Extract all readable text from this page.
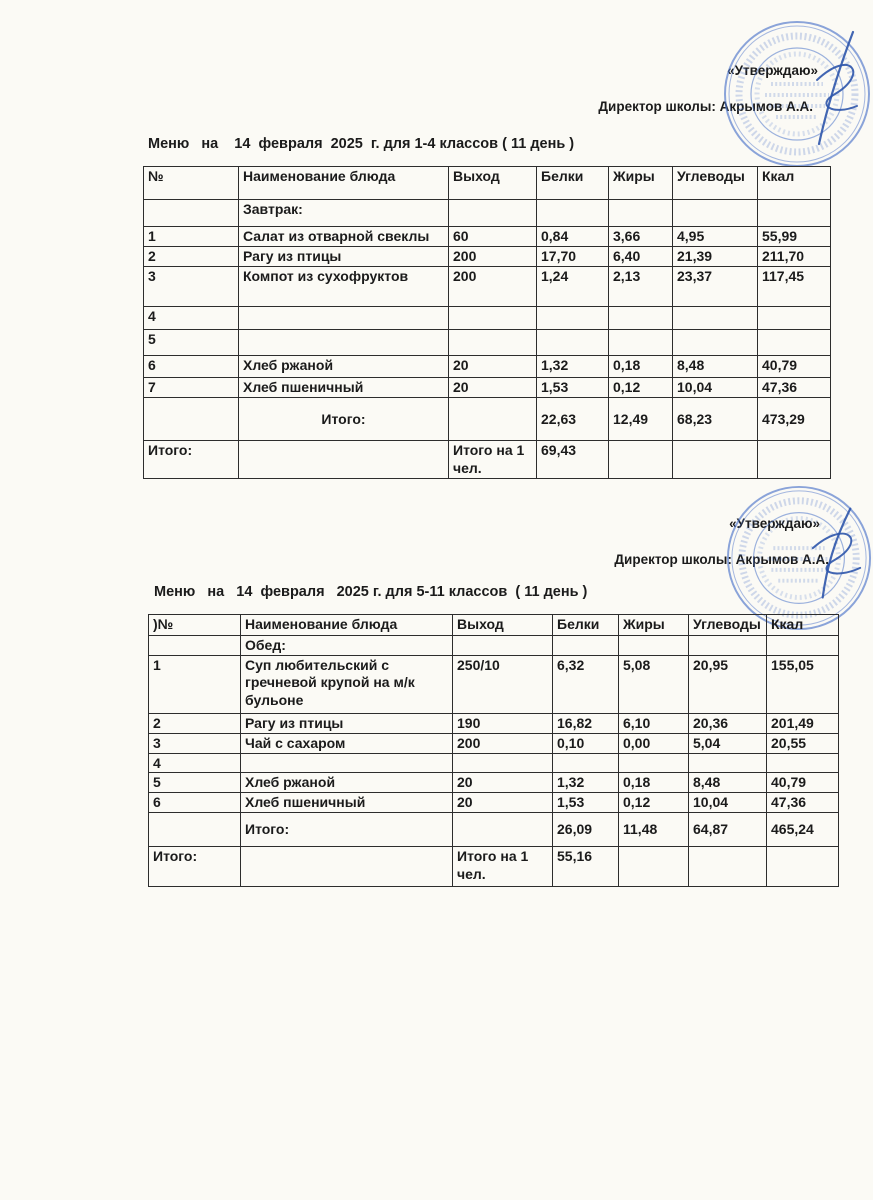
«Утверждаю»
Директор школы: Акрымов А.А.
Меню   на    14  февраля  2025  г. для 1-4 классов ( 11 день )
№	Наименование блюда	Выход	Белки	Жиры	Углеводы	Ккал
	Завтрак:					
1	Салат из отварной свеклы	60	0,84	3,66	4,95	55,99
2	Рагу из птицы	200	17,70	6,40	21,39	211,70
3	Компот из сухофруктов	200	1,24	2,13	23,37	117,45
4						
5						
6	Хлеб ржаной	20	1,32	0,18	8,48	40,79
7	Хлеб пшеничный	20	1,53	0,12	10,04	47,36
	Итого:		22,63	12,49	68,23	473,29
Итого:		Итого на 1 чел.	69,43			
«Утверждаю»
Директор школы: Акрымов А.А.
Меню   на   14  февраля   2025 г. для 5-11 классов  ( 11 день )
)№	Наименование блюда	Выход	Белки	Жиры	Углеводы	Ккал
	Обед:					
1	Суп любительский с гречневой крупой на м/к бульоне	250/10	6,32	5,08	20,95	155,05
2	Рагу из птицы	190	16,82	6,10	20,36	201,49
3	Чай с сахаром	200	0,10	0,00	5,04	20,55
4						
5	Хлеб ржаной	20	1,32	0,18	8,48	40,79
6	Хлеб пшеничный	20	1,53	0,12	10,04	47,36
	Итого:		26,09	11,48	64,87	465,24
Итого:		Итого на 1 чел.	55,16			
